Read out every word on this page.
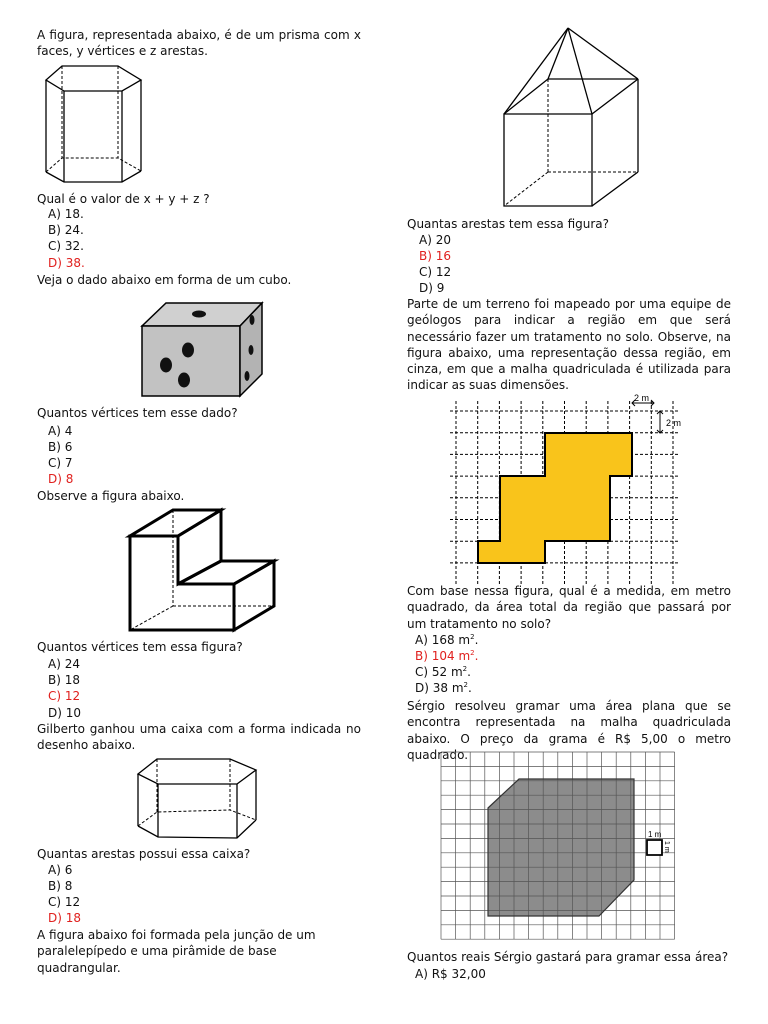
A figura, representada abaixo, é de um prisma com x faces, y vértices e z arestas.
Qual é o valor de x + y + z ?
A) 18.
B) 24.
C) 32.
D) 38.
Veja o dado abaixo em forma de um cubo.
Quantos vértices tem esse dado?
A) 4
B) 6
C) 7
D) 8
Observe a figura abaixo.
Quantos vértices tem essa figura?
A) 24
B) 18
C) 12
D) 10
Gilberto ganhou uma caixa com a forma indicada no desenho abaixo.
Quantas arestas possui essa caixa?
A) 6
B) 8
C) 12
D) 18
A figura abaixo foi formada pela junção de um paralelepípedo e uma pirâmide de base quadrangular.
Quantas arestas tem essa figura?
A) 20
B) 16
C) 12
D) 9
Parte de um terreno foi mapeado por uma equipe de geólogos para indicar a região em que será necessário fazer um tratamento no solo. Observe, na figura abaixo, uma representação dessa região, em cinza, em que a malha quadriculada é utilizada para indicar as suas dimensões.
2 m
2 m
Com base nessa figura, qual é a medida, em metro quadrado, da área total da região que passará por um tratamento no solo?
A) 168 $m^2$.
B) 104 $m^2$.
C) 52 $m^2$.
D) 38 $m^2$.
Sérgio resolveu gramar uma área plana que se encontra representada na malha quadriculada abaixo. O preço da grama é R$ 5,00 o metro quadrado.
1 m
1 m
Quantos reais Sérgio gastará para gramar essa área?
A) R$ 32,00
